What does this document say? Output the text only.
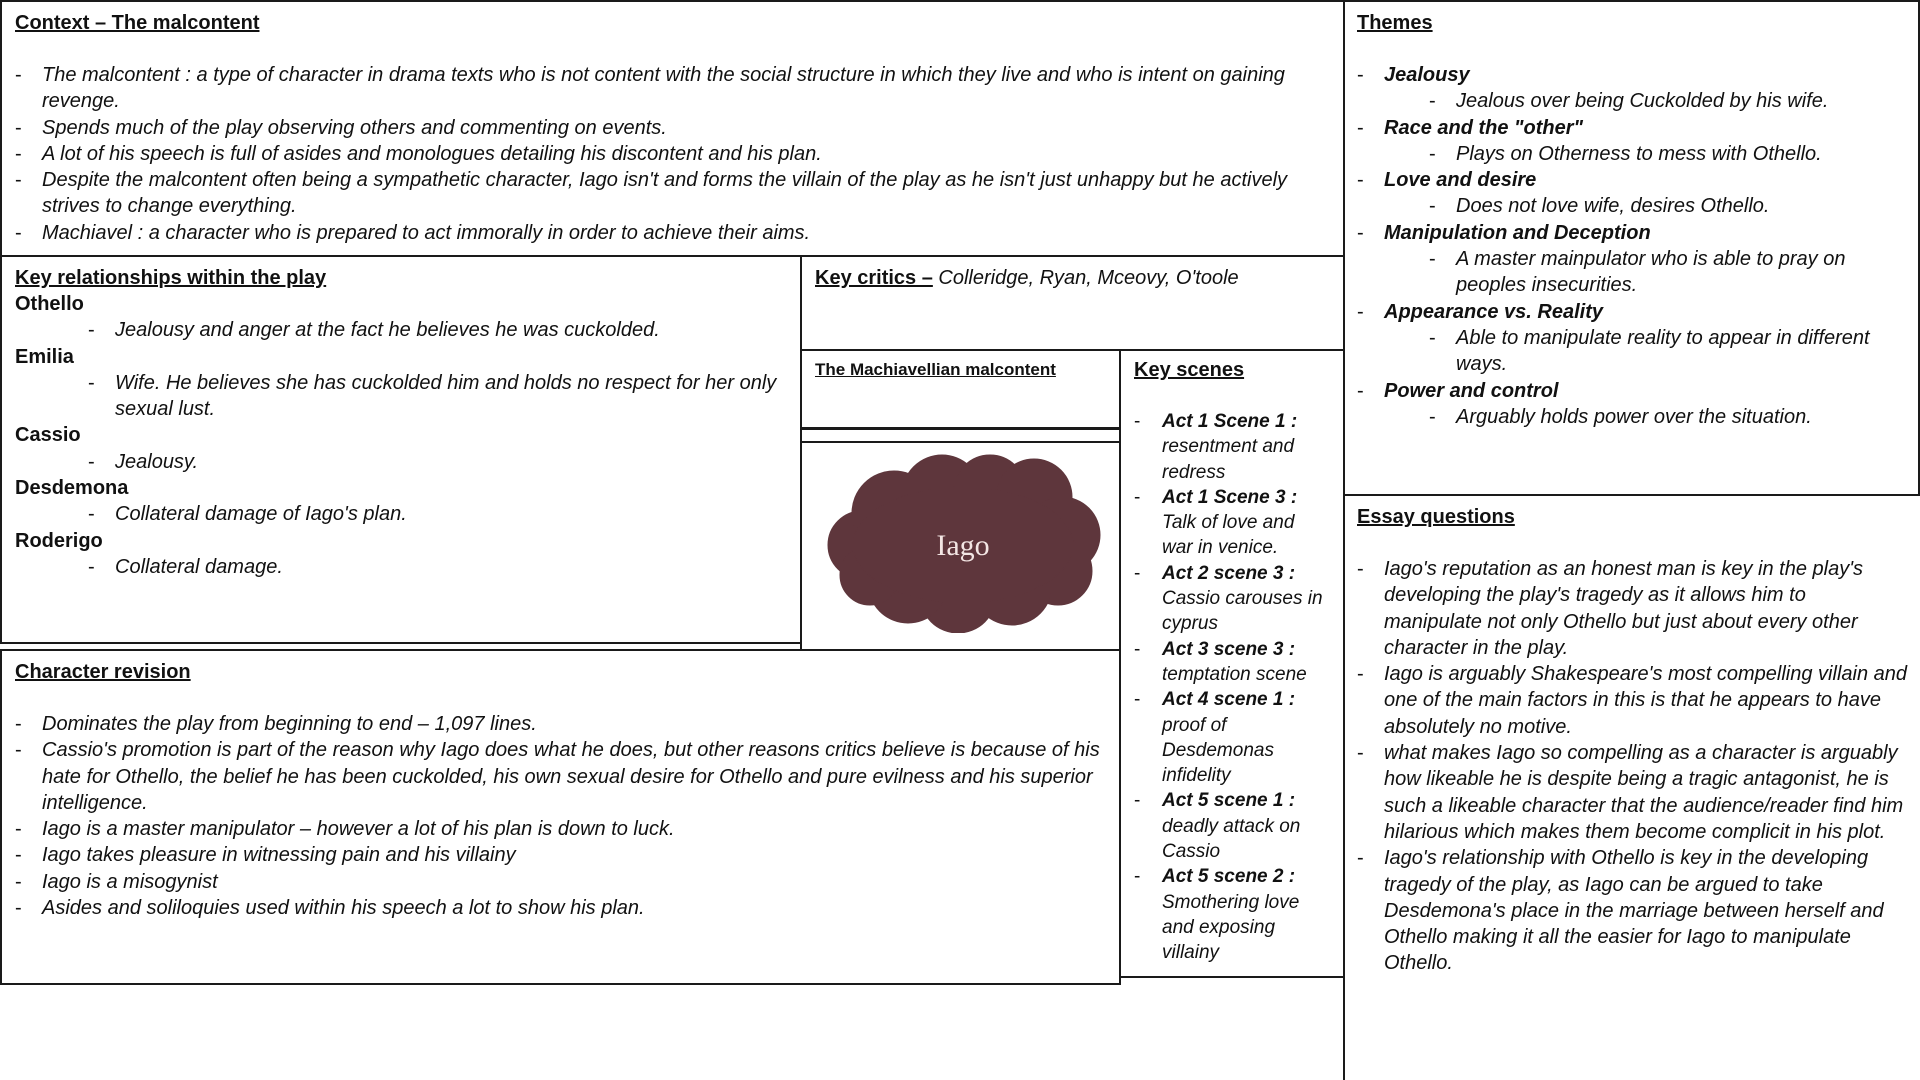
Context – The malcontent
- The malcontent : a type of character in drama texts who is not content with the social structure in which they live and who is intent on gaining revenge.
- Spends much of the play observing others and commenting on events.
- A lot of his speech is full of asides and monologues detailing his discontent and his plan.
- Despite the malcontent often being a sympathetic character, Iago isn't and forms the villain of the play as he isn't just unhappy but he actively strives to change everything.
- Machiavel : a character who is prepared to act immorally in order to achieve their aims.
Themes
- Jealousy
- Jealous over being Cuckolded by his wife.
- Race and the "other"
- Plays on Otherness to mess with Othello.
- Love and desire
- Does not love wife, desires Othello.
- Manipulation and Deception
- A master mainpulator who is able to pray on peoples insecurities.
- Appearance vs. Reality
- Able to manipulate reality to appear in different ways.
- Power and control
- Arguably holds power over the situation.
Key relationships within the play
Othello
- Jealousy and anger at the fact he believes he was cuckolded.
Emilia
- Wife. He believes she has cuckolded him and holds no respect for her only sexual lust.
Cassio
- Jealousy.
Desdemona
- Collateral damage of Iago's plan.
Roderigo
- Collateral damage.
Key critics – Colleridge, Ryan, Mceovy, O'toole
The Machiavellian malcontent
Iago
Key scenes
- Act 1 Scene 1 :
resentment and redress
- Act 1 Scene 3 :
Talk of love and war in venice.
- Act 2 scene 3 :
Cassio carouses in cyprus
- Act 3 scene 3 :
temptation scene
- Act 4 scene 1 :
proof of Desdemonas infidelity
- Act 5 scene 1 :
deadly attack on Cassio
- Act 5 scene 2 :
Smothering love and exposing villainy
Character revision
- Dominates the play from beginning to end – 1,097 lines.
- Cassio's promotion is part of the reason why Iago does what he does, but other reasons critics believe is because of his hate for Othello, the belief he has been cuckolded, his own sexual desire for Othello and pure evilness and his superior intelligence.
- Iago is a master manipulator – however a lot of his plan is down to luck.
- Iago takes pleasure in witnessing pain and his villainy
- Iago is a misogynist
- Asides and soliloquies used within his speech a lot to show his plan.
Essay questions
- Iago's reputation as an honest man is key in the play's developing the play's tragedy as it allows him to manipulate not only Othello but just about every other character in the play.
- Iago is arguably Shakespeare's most compelling villain and one of the main factors in this is that he appears to have absolutely no motive.
- what makes Iago so compelling as a character is arguably how likeable he is despite being a tragic antagonist, he is such a likeable character that the audience/reader find him hilarious which makes them become complicit in his plot.
- Iago's relationship with Othello is key in the developing tragedy of the play, as Iago can be argued to take Desdemona's place in the marriage between herself and Othello making it all the easier for Iago to manipulate Othello.
